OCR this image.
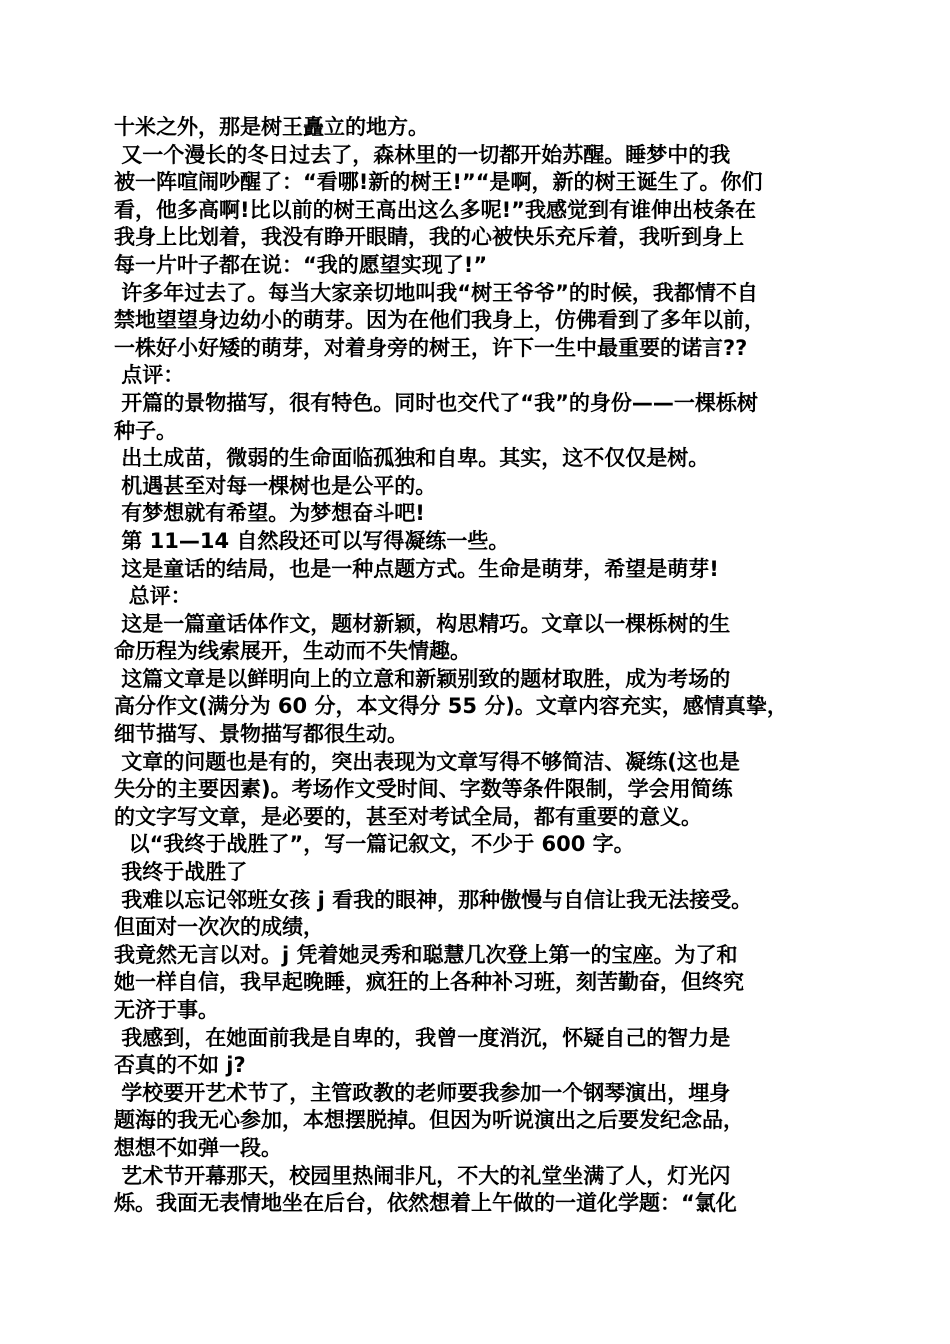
十米之外，那是树王矗立的地方。
又一个漫长的冬日过去了，森林里的一切都开始苏醒。睡梦中的我
被一阵喧闹吵醒了：“看哪!新的树王!”“是啊，新的树王诞生了。你们
看，他多高啊!比以前的树王高出这么多呢!”我感觉到有谁伸出枝条在
我身上比划着，我没有睁开眼睛，我的心被快乐充斥着，我听到身上
每一片叶子都在说：“我的愿望实现了!”
许多年过去了。每当大家亲切地叫我“树王爷爷”的时候，我都情不自
禁地望望身边幼小的萌芽。因为在他们我身上，仿佛看到了多年以前，
一株好小好矮的萌芽，对着身旁的树王，许下一生中最重要的诺言??
点评：
开篇的景物描写，很有特色。同时也交代了“我”的身份——一棵栎树
种子。
出土成苗，微弱的生命面临孤独和自卑。其实，这不仅仅是树。
机遇甚至对每一棵树也是公平的。
有梦想就有希望。为梦想奋斗吧!
第 11—14 自然段还可以写得凝练一些。
这是童话的结局，也是一种点题方式。生命是萌芽，希望是萌芽!
总评：
这是一篇童话体作文，题材新颖，构思精巧。文章以一棵栎树的生
命历程为线索展开，生动而不失情趣。
这篇文章是以鲜明向上的立意和新颖别致的题材取胜，成为考场的
高分作文(满分为 60 分，本文得分 55 分)。文章内容充实，感情真挚，
细节描写、景物描写都很生动。
文章的问题也是有的，突出表现为文章写得不够简洁、凝练(这也是
失分的主要因素)。考场作文受时间、字数等条件限制，学会用简练
的文字写文章，是必要的，甚至对考试全局，都有重要的意义。
以“我终于战胜了”，写一篇记叙文，不少于 600 字。
我终于战胜了
我难以忘记邻班女孩 j 看我的眼神，那种傲慢与自信让我无法接受。
但面对一次次的成绩，
我竟然无言以对。j 凭着她灵秀和聪慧几次登上第一的宝座。为了和
她一样自信，我早起晚睡，疯狂的上各种补习班，刻苦勤奋，但终究
无济于事。
我感到，在她面前我是自卑的，我曾一度消沉，怀疑自己的智力是
否真的不如 j?
学校要开艺术节了，主管政教的老师要我参加一个钢琴演出，埋身
题海的我无心参加，本想摆脱掉。但因为听说演出之后要发纪念品，
想想不如弹一段。
艺术节开幕那天，校园里热闹非凡，不大的礼堂坐满了人，灯光闪
烁。我面无表情地坐在后台，依然想着上午做的一道化学题：“氯化
